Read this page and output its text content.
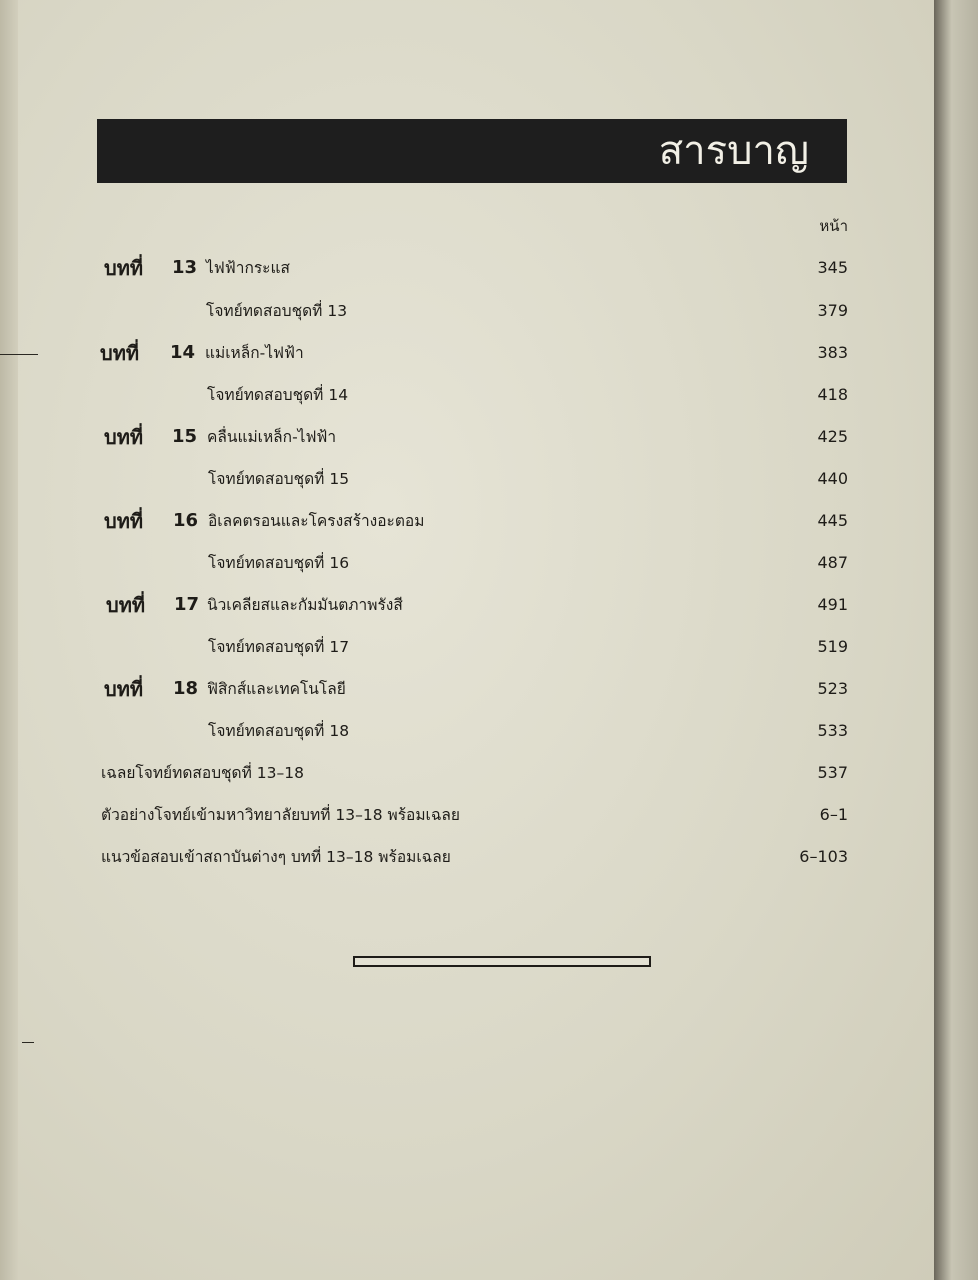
สารบาญ
หน้า
บทที่ 13 ไฟฟ้ากระแส	345
โจทย์ทดสอบชุดที่ 13	379
บทที่ 14 แม่เหล็ก-ไฟฟ้า	383
โจทย์ทดสอบชุดที่ 14	418
บทที่ 15 คลื่นแม่เหล็ก-ไฟฟ้า	425
โจทย์ทดสอบชุดที่ 15	440
บทที่ 16 อิเลคตรอนและโครงสร้างอะตอม	445
โจทย์ทดสอบชุดที่ 16	487
บทที่ 17 นิวเคลียสและกัมมันตภาพรังสี	491
โจทย์ทดสอบชุดที่ 17	519
บทที่ 18 ฟิสิกส์และเทคโนโลยี	523
โจทย์ทดสอบชุดที่ 18	533
เฉลยโจทย์ทดสอบชุดที่ 13–18	537
ตัวอย่างโจทย์เข้ามหาวิทยาลัยบทที่ 13–18 พร้อมเฉลย	6–1
แนวข้อสอบเข้าสถาบันต่างๆ บทที่ 13–18 พร้อมเฉลย	6–103
